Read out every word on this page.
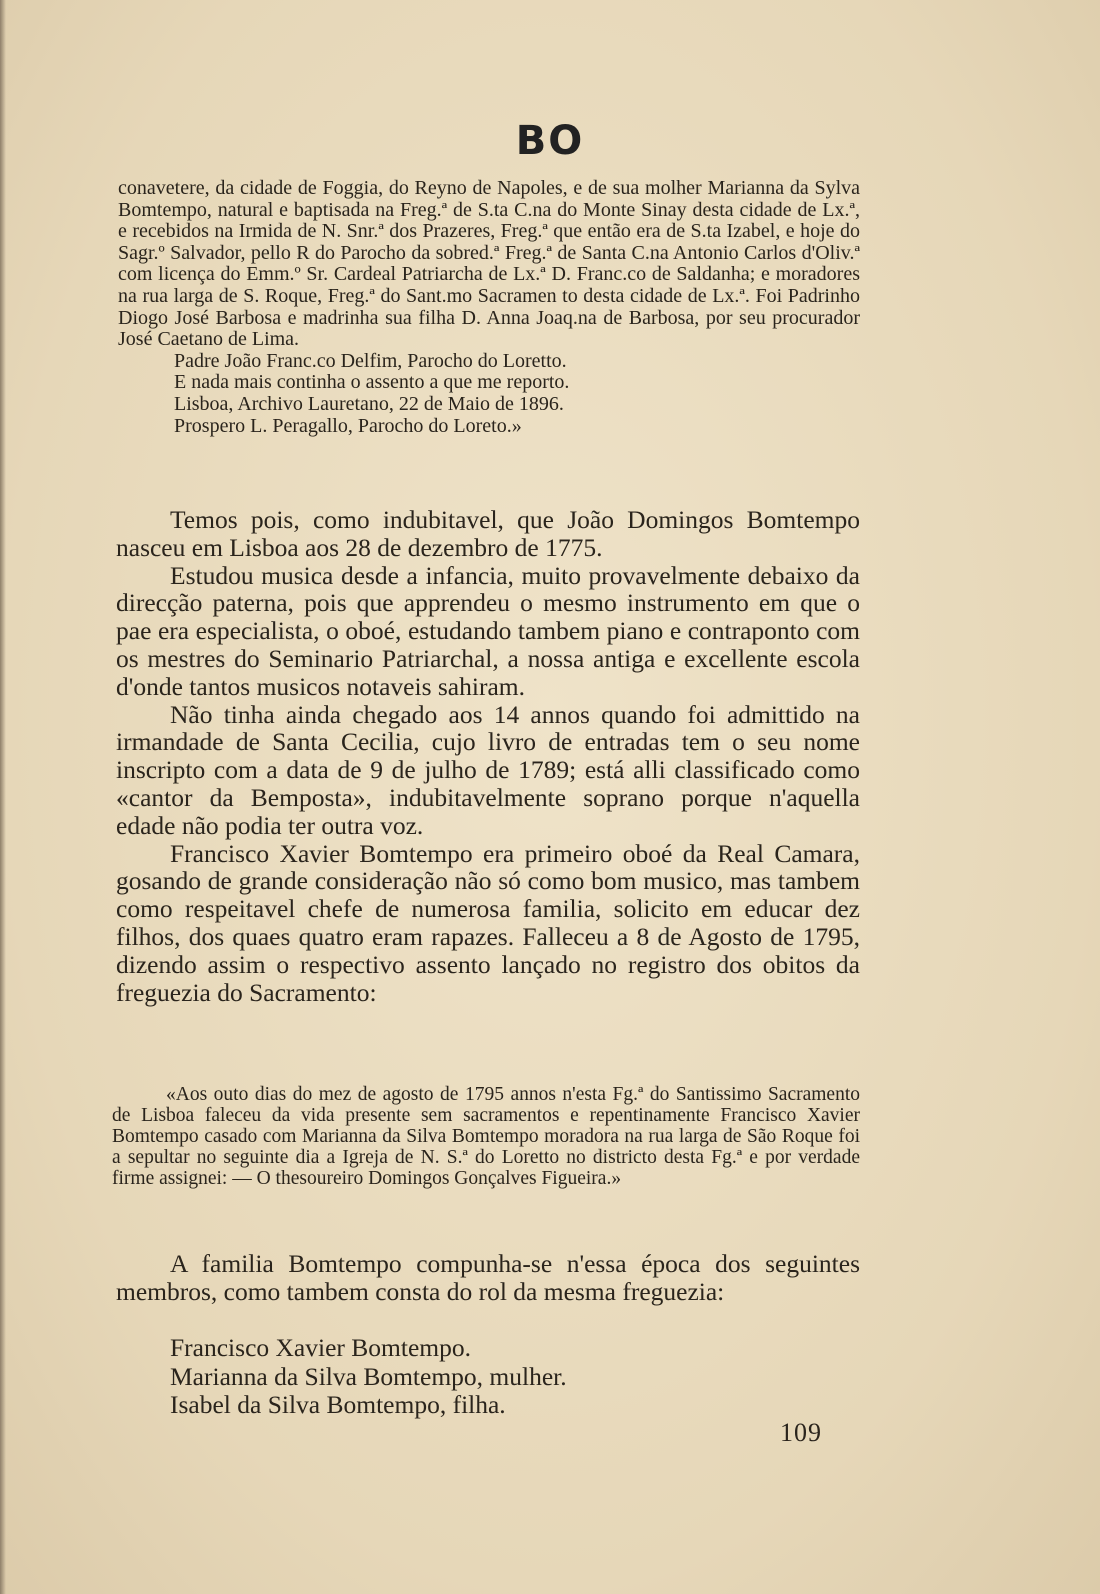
BO

conavetere, da cidade de Foggia, do Reyno de Napoles, e de sua molher Marianna da Sylva Bomtempo, natural e baptisada na Freg.ª de S.ta C.na do Monte Sinay desta cidade de Lx.ª, e recebidos na Irmida de N. Snr.ª dos Prazeres, Freg.ª que então era de S.ta Izabel, e hoje do Sagr.º Salvador, pello R do Parocho da sobred.ª Freg.ª de Santa C.na Antonio Carlos d'Oliv.ª com licença do Emm.º Sr. Cardeal Patriarcha de Lx.ª D. Franc.co de Saldanha; e moradores na rua larga de S. Roque, Freg.ª do Sant.mo Sacramen to desta cidade de Lx.ª. Foi Padrinho Diogo José Barbosa e madrinha sua filha D. Anna Joaq.na de Barbosa, por seu procurador José Caetano de Lima.

Padre João Franc.co Delfim, Parocho do Loretto.

E nada mais continha o assento a que me reporto.

Lisboa, Archivo Lauretano, 22 de Maio de 1896.

Prospero L. Peragallo, Parocho do Loreto.»

Temos pois, como indubitavel, que João Domingos Bomtempo nasceu em Lisboa aos 28 de dezembro de 1775.

Estudou musica desde a infancia, muito provavelmente debaixo da direcção paterna, pois que apprendeu o mesmo instrumento em que o pae era especialista, o oboé, estudando tambem piano e contraponto com os mestres do Seminario Patriarchal, a nossa antiga e excellente escola d'onde tantos musicos notaveis sahiram.

Não tinha ainda chegado aos 14 annos quando foi admittido na irmandade de Santa Cecilia, cujo livro de entradas tem o seu nome inscripto com a data de 9 de julho de 1789; está alli classificado como «cantor da Bemposta», indubitavelmente soprano porque n'aquella edade não podia ter outra voz.

Francisco Xavier Bomtempo era primeiro oboé da Real Camara, gosando de grande consideração não só como bom musico, mas tambem como respeitavel chefe de numerosa familia, solicito em educar dez filhos, dos quaes quatro eram rapazes. Falleceu a 8 de Agosto de 1795, dizendo assim o respectivo assento lançado no registro dos obitos da freguezia do Sacramento:

«Aos outo dias do mez de agosto de 1795 annos n'esta Fg.ª do Santissimo Sacramento de Lisboa faleceu da vida presente sem sacramentos e repentinamente Francisco Xavier Bomtempo casado com Marianna da Silva Bomtempo moradora na rua larga de São Roque foi a sepultar no seguinte dia a Igreja de N. S.ª do Loretto no districto desta Fg.ª e por verdade firme assignei: — O thesoureiro Domingos Gonçalves Figueira.»

A familia Bomtempo compunha-se n'essa época dos seguintes membros, como tambem consta do rol da mesma freguezia:

Francisco Xavier Bomtempo.
Marianna da Silva Bomtempo, mulher.
Isabel da Silva Bomtempo, filha.
109
